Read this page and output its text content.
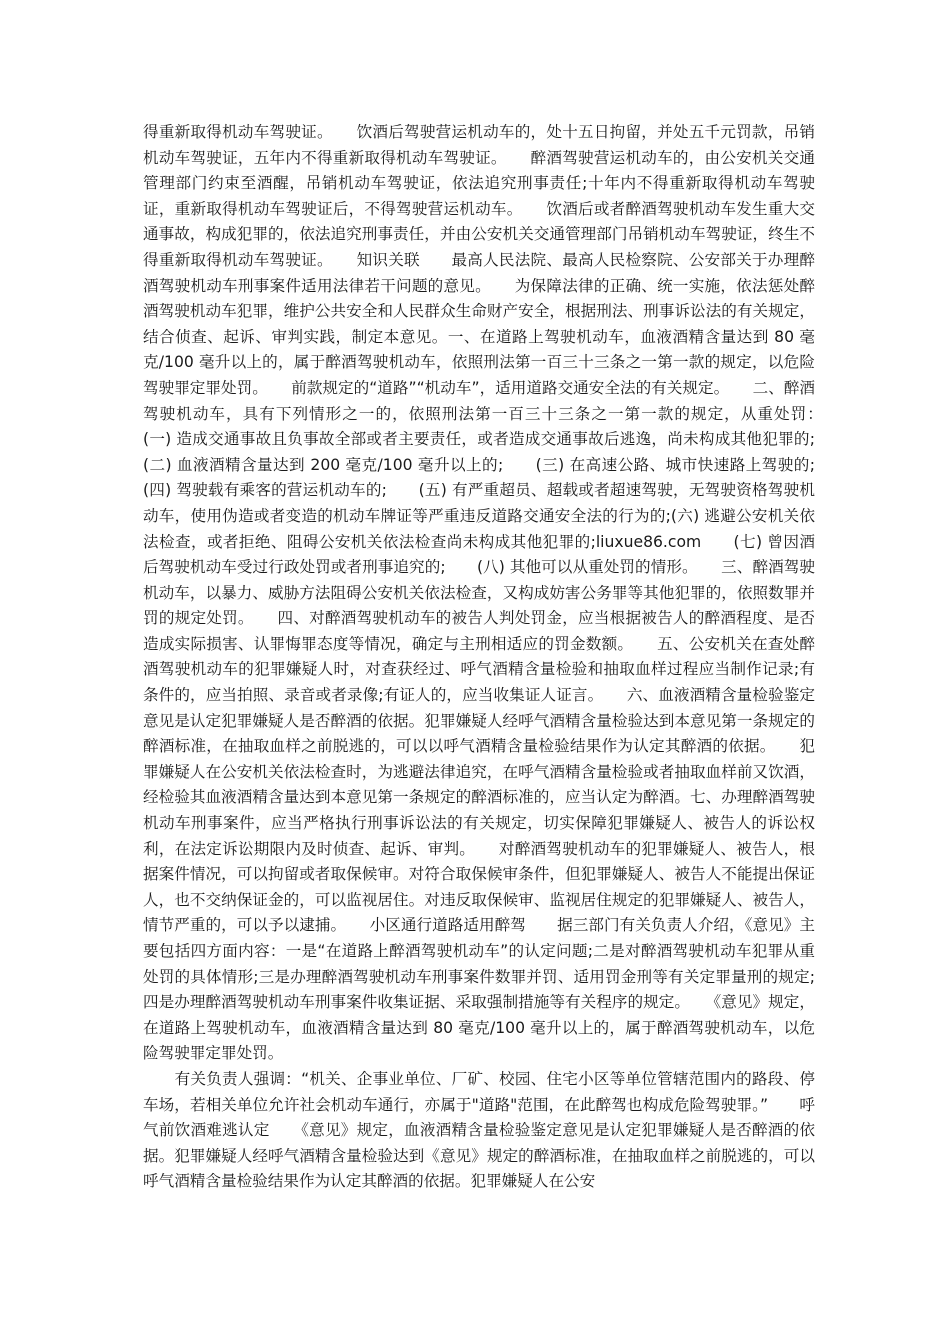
得重新取得机动车驾驶证。　　饮酒后驾驶营运机动车的，处十五日拘留，并处五千元罚款，吊销机动车驾驶证，五年内不得重新取得机动车驾驶证。　　醉酒驾驶营运机动车的，由公安机关交通管理部门约束至酒醒，吊销机动车驾驶证，依法追究刑事责任;十年内不得重新取得机动车驾驶证，重新取得机动车驾驶证后，不得驾驶营运机动车。　　饮酒后或者醉酒驾驶机动车发生重大交通事故，构成犯罪的，依法追究刑事责任，并由公安机关交通管理部门吊销机动车驾驶证，终生不得重新取得机动车驾驶证。　　知识关联　　最高人民法院、最高人民检察院、公安部关于办理醉酒驾驶机动车刑事案件适用法律若干问题的意见。　　为保障法律的正确、统一实施，依法惩处醉酒驾驶机动车犯罪，维护公共安全和人民群众生命财产安全，根据刑法、刑事诉讼法的有关规定，结合侦查、起诉、审判实践，制定本意见。一、在道路上驾驶机动车，血液酒精含量达到 80 毫克/100 毫升以上的，属于醉酒驾驶机动车，依照刑法第一百三十三条之一第一款的规定，以危险驾驶罪定罪处罚。　　前款规定的“道路”“机动车”，适用道路交通安全法的有关规定。　　二、醉酒驾驶机动车，具有下列情形之一的，依照刑法第一百三十三条之一第一款的规定，从重处罚：　　(一) 造成交通事故且负事故全部或者主要责任，或者造成交通事故后逃逸，尚未构成其他犯罪的;　　(二) 血液酒精含量达到 200 毫克/100 毫升以上的;　　(三) 在高速公路、城市快速路上驾驶的;(四) 驾驶载有乘客的营运机动车的;　　(五) 有严重超员、超载或者超速驾驶，无驾驶资格驾驶机动车，使用伪造或者变造的机动车牌证等严重违反道路交通安全法的行为的;(六) 逃避公安机关依法检查，或者拒绝、阻碍公安机关依法检查尚未构成其他犯罪的;liuxue86.com　　(七) 曾因酒后驾驶机动车受过行政处罚或者刑事追究的;　　(八) 其他可以从重处罚的情形。　　三、醉酒驾驶机动车，以暴力、威胁方法阻碍公安机关依法检查，又构成妨害公务罪等其他犯罪的，依照数罪并罚的规定处罚。　　四、对醉酒驾驶机动车的被告人判处罚金，应当根据被告人的醉酒程度、是否造成实际损害、认罪悔罪态度等情况，确定与主刑相适应的罚金数额。　　五、公安机关在查处醉酒驾驶机动车的犯罪嫌疑人时，对查获经过、呼气酒精含量检验和抽取血样过程应当制作记录;有条件的，应当拍照、录音或者录像;有证人的，应当收集证人证言。　　六、血液酒精含量检验鉴定意见是认定犯罪嫌疑人是否醉酒的依据。犯罪嫌疑人经呼气酒精含量检验达到本意见第一条规定的醉酒标准，在抽取血样之前脱逃的，可以以呼气酒精含量检验结果作为认定其醉酒的依据。　　犯罪嫌疑人在公安机关依法检查时，为逃避法律追究，在呼气酒精含量检验或者抽取血样前又饮酒，经检验其血液酒精含量达到本意见第一条规定的醉酒标准的，应当认定为醉酒。七、办理醉酒驾驶机动车刑事案件，应当严格执行刑事诉讼法的有关规定，切实保障犯罪嫌疑人、被告人的诉讼权利，在法定诉讼期限内及时侦查、起诉、审判。　　对醉酒驾驶机动车的犯罪嫌疑人、被告人，根据案件情况，可以拘留或者取保候审。对符合取保候审条件，但犯罪嫌疑人、被告人不能提出保证人，也不交纳保证金的，可以监视居住。对违反取保候审、监视居住规定的犯罪嫌疑人、被告人，情节严重的，可以予以逮捕。　　小区通行道路适用醉驾　　据三部门有关负责人介绍，《意见》主要包括四方面内容：一是“在道路上醉酒驾驶机动车”的认定问题;二是对醉酒驾驶机动车犯罪从重处罚的具体情形;三是办理醉酒驾驶机动车刑事案件数罪并罚、适用罚金刑等有关定罪量刑的规定;四是办理醉酒驾驶机动车刑事案件收集证据、采取强制措施等有关程序的规定。　　《意见》规定，在道路上驾驶机动车，血液酒精含量达到 80 毫克/100 毫升以上的，属于醉酒驾驶机动车，以危险驾驶罪定罪处罚。

　　有关负责人强调：“机关、企事业单位、厂矿、校园、住宅小区等单位管辖范围内的路段、停车场，若相关单位允许社会机动车通行，亦属于"道路"范围，在此醉驾也构成危险驾驶罪。”　　呼气前饮酒难逃认定　　《意见》规定，血液酒精含量检验鉴定意见是认定犯罪嫌疑人是否醉酒的依据。犯罪嫌疑人经呼气酒精含量检验达到《意见》规定的醉酒标准，在抽取血样之前脱逃的，可以呼气酒精含量检验结果作为认定其醉酒的依据。犯罪嫌疑人在公安
